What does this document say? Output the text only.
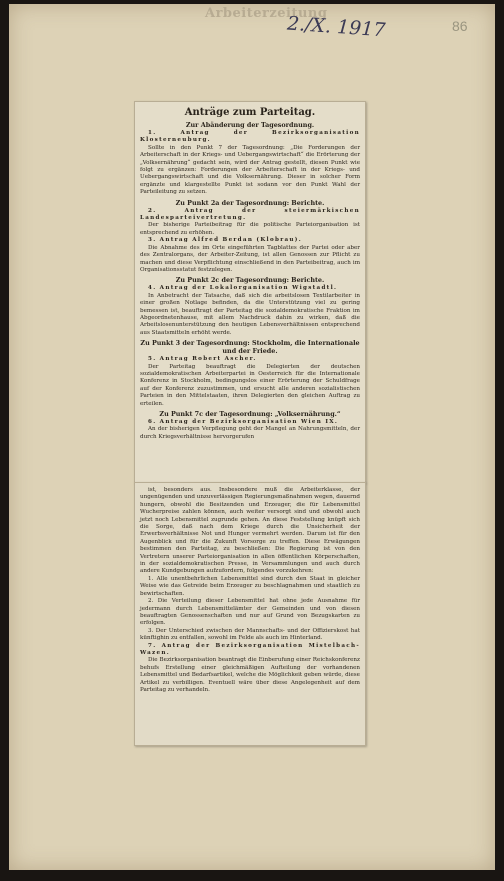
Arbeiterzeitung
2./X. 1917	86
Anträge zum Parteitag.
Zur Abänderung der Tagesordnung.

1. Antrag der Bezirksorganisation Klosterneuburg.

Sollte in den Punkt 7 der Tagesordnung: „Die Forderungen der Arbeiterschaft in der Kriegs- und Uebergangswirtschaft“ die Erörterung der „Volksernährung“ gedacht sein, wird der Antrag gestellt, diesen Punkt wie folgt zu ergänzen: Forderungen der Arbeiterschaft in der Kriegs- und Uebergangswirtschaft und die Volksernährung. Dieser in solcher Form ergänzte und klargestellte Punkt ist sodann vor den Punkt Wahl der Parteileitung zu setzen.

Zu Punkt 2a der Tagesordnung: Berichte.

2. Antrag der steiermärkischen Landesparteivertretung.

Der bisherige Parteibeitrag für die politische Parteiorganisation ist entsprechend zu erhöhen.

3. Antrag Alfred Berdan (Klobrau).

Die Abnahme des im Orte eingeführten Tagblattes der Partei oder aber des Zentralorgans, der Arbeiter-Zeitung, ist allen Genossen zur Pflicht zu machen und diese Verpflichtung einschließend in den Parteibeitrag, auch im Organisationsstatut festzulegen.

Zu Punkt 2c der Tagesordnung: Berichte.

4. Antrag der Lokalorganisation Wigstadtl.

In Anbetracht der Tatsache, daß sich die arbeitslosen Textilarbeiter in einer großen Notlage befinden, da die Unterstützung viel zu gering bemessen ist, beauftragt der Parteitag die sozialdemokratische Fraktion im Abgeordnetenhause, mit allem Nachdruck dahin zu wirken, daß die Arbeitslosenunterstützung den heutigen Lebensverhältnissen entsprechend aus Staatsmitteln erhöht werde.

Zu Punkt 3 der Tagesordnung: Stockholm, die Internationale und der Friede.

5. Antrag Robert Ascher.

Der Parteitag beauftragt die Delegierten der deutschen sozialdemokratischen Arbeiterpartei in Oesterreich für die Internationale Konferenz in Stockholm, bedingungslos einer Erörterung der Schuldfrage auf der Konferenz zuzustimmen, und ersucht alle anderen sozialistischen Parteien in den Mittelstaaten, ihren Delegierten den gleichen Auftrag zu erteilen.

Zu Punkt 7c der Tagesordnung: „Volksernährung.“

6. Antrag der Bezirksorganisation Wien IX.

An der bisherigen Verpflegung geht der Mangel an Nahrungsmitteln, der durch Kriegsverhältnisse hervorgerufen

ist, besonders aus. Insbesondere muß die Arbeiterklasse, der ungenügenden und unzuverlässigen Regierungsmaßnahmen wegen, dauernd hungern, obwohl die Besitzenden und Erzeuger, die für Lebensmittel Wucherpreise zahlen können, auch weiter versorgt sind und obwohl auch jetzt noch Lebensmittel zugrunde gehen. An diese Feststellung knüpft sich die Sorge, daß nach dem Kriege durch die Unsicherheit der Erwerbsverhältnisse Not und Hunger vermehrt werden. Darum ist für den Augenblick und für die Zukunft Vorsorge zu treffen. Diese Erwägungen bestimmen den Parteitag, zu beschließen: Die Regierung ist von den Vertretern unserer Parteiorganisation in allen öffentlichen Körperschaften, in der sozialdemokratischen Presse, in Versammlungen und auch durch andere Kundgebungen aufzufordern, folgendes vorzukehren:

1. Alle unentbehrlichen Lebensmittel sind durch den Staat in gleicher Weise wie das Getreide beim Erzeuger zu beschlagnahmen und staatlich zu bewirtschaften.

2. Die Verteilung dieser Lebensmittel hat ohne jede Ausnahme für jedermann durch Lebensmittelämter der Gemeinden und von diesen beauftragten Genossenschaften und nur auf Grund von Bezugskarten zu erfolgen.

3. Der Unterschied zwischen der Mannschafts- und der Offizierskost hat künftighin zu entfallen, sowohl im Felde als auch im Hinterland.

7. Antrag der Bezirksorganisation Mistelbach-Wazen.

Die Bezirksorganisation beantragt die Einberufung einer Reichskonferenz behufs Erstellung einer gleichmäßigen Aufteilung der vorhandenen Lebensmittel und Bedarfsartikel, welche die Möglichkeit geben würde, diese Artikel zu verbilligen. Eventuell wäre über diese Angelegenheit auf dem Parteitag zu verhandeln.
